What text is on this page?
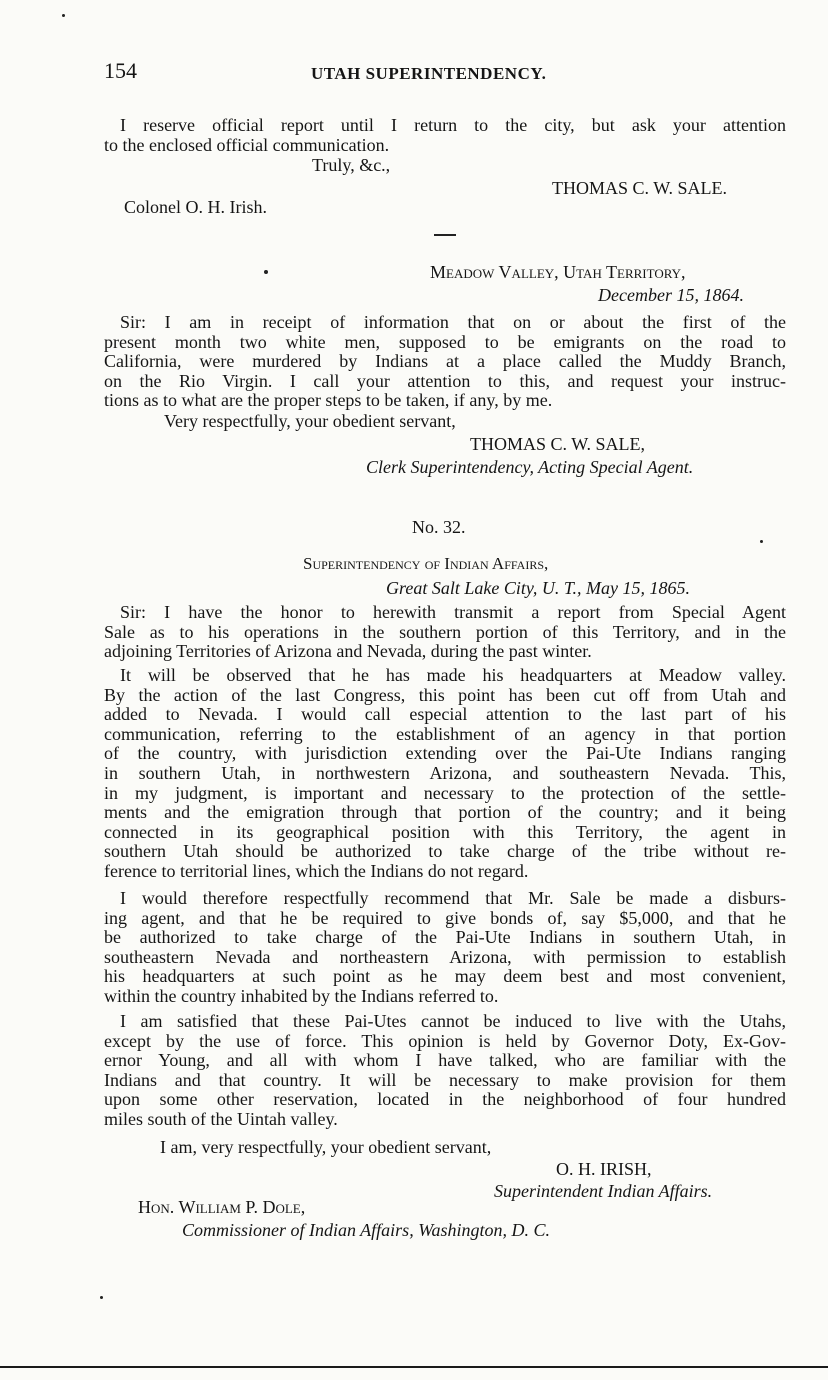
154	UTAH SUPERINTENDENCY.
I reserve official report until I return to the city, but ask your attention
to the enclosed official communication.
Truly, &c.,
THOMAS C. W. SALE.
Colonel O. H. Irish.
Meadow Valley, Utah Territory,
December 15, 1864.
Sir: I am in receipt of information that on or about the first of the
present month two white men, supposed to be emigrants on the road to
California, were murdered by Indians at a place called the Muddy Branch,
on the Rio Virgin. I call your attention to this, and request your instruc-
tions as to what are the proper steps to be taken, if any, by me.
Very respectfully, your obedient servant,
THOMAS C. W. SALE,
Clerk Superintendency, Acting Special Agent.
No. 32.
Superintendency of Indian Affairs,
Great Salt Lake City, U. T., May 15, 1865.
Sir: I have the honor to herewith transmit a report from Special Agent
Sale as to his operations in the southern portion of this Territory, and in the
adjoining Territories of Arizona and Nevada, during the past winter.
It will be observed that he has made his headquarters at Meadow valley.
By the action of the last Congress, this point has been cut off from Utah and
added to Nevada. I would call especial attention to the last part of his
communication, referring to the establishment of an agency in that portion
of the country, with jurisdiction extending over the Pai-Ute Indians ranging
in southern Utah, in northwestern Arizona, and southeastern Nevada. This,
in my judgment, is important and necessary to the protection of the settle-
ments and the emigration through that portion of the country; and it being
connected in its geographical position with this Territory, the agent in
southern Utah should be authorized to take charge of the tribe without re-
ference to territorial lines, which the Indians do not regard.
I would therefore respectfully recommend that Mr. Sale be made a disburs-
ing agent, and that he be required to give bonds of, say $5,000, and that he
be authorized to take charge of the Pai-Ute Indians in southern Utah, in
southeastern Nevada and northeastern Arizona, with permission to establish
his headquarters at such point as he may deem best and most convenient,
within the country inhabited by the Indians referred to.
I am satisfied that these Pai-Utes cannot be induced to live with the Utahs,
except by the use of force. This opinion is held by Governor Doty, Ex-Gov-
ernor Young, and all with whom I have talked, who are familiar with the
Indians and that country. It will be necessary to make provision for them
upon some other reservation, located in the neighborhood of four hundred
miles south of the Uintah valley.
I am, very respectfully, your obedient servant,
O. H. IRISH,
Superintendent Indian Affairs.
Hon. William P. Dole,
Commissioner of Indian Affairs, Washington, D. C.
